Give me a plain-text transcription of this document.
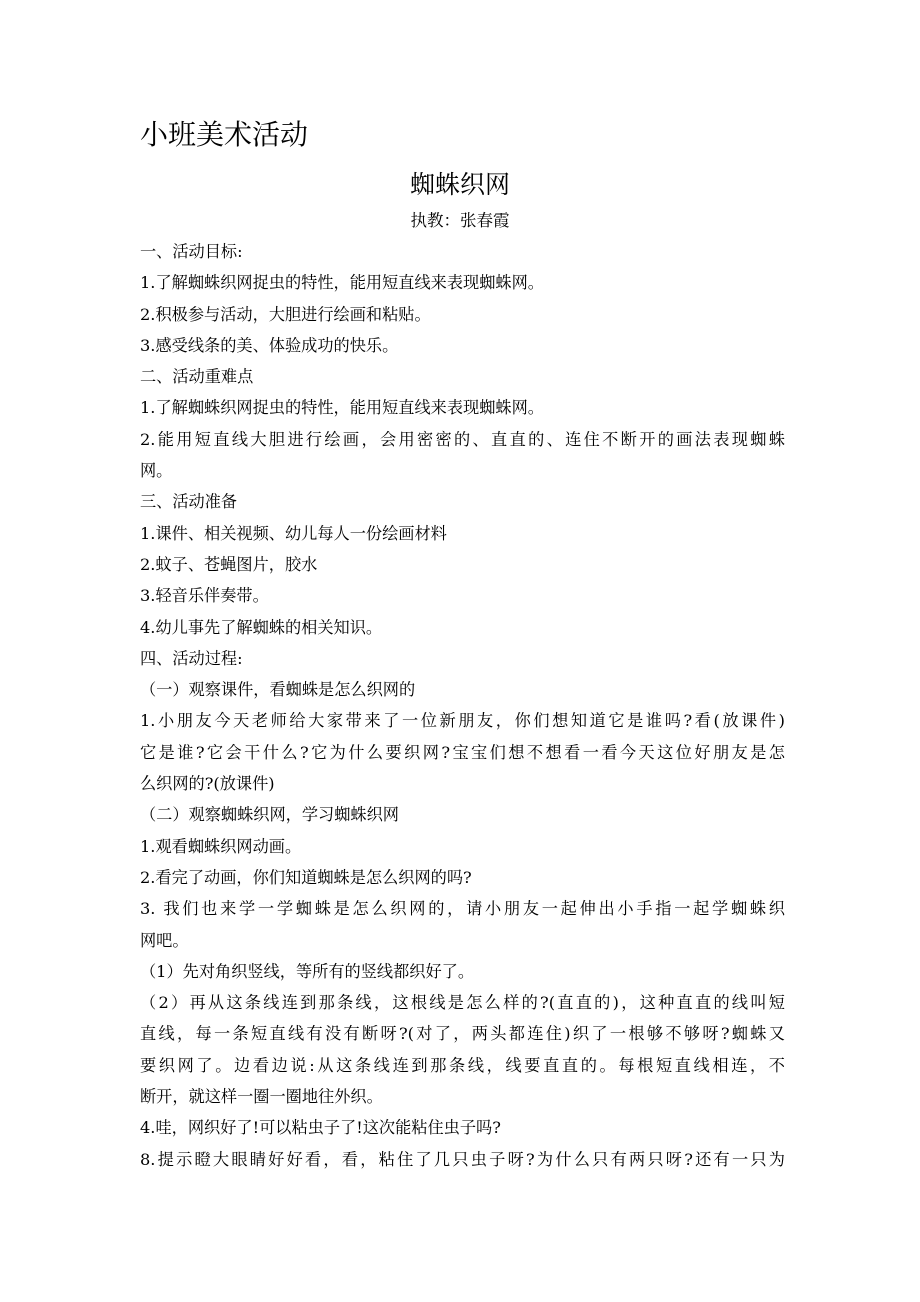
小班美术活动
蜘蛛织网
执教：张春霞
一、活动目标:
1.了解蜘蛛织网捉虫的特性，能用短直线来表现蜘蛛网。
2.积极参与活动，大胆进行绘画和粘贴。
3.感受线条的美、体验成功的快乐。
二、活动重难点
1.了解蜘蛛织网捉虫的特性，能用短直线来表现蜘蛛网。
2.能用短直线大胆进行绘画，会用密密的、直直的、连住不断开的画法表现蜘蛛
网。
三、活动准备
1.课件、相关视频、幼儿每人一份绘画材料
2.蚊子、苍蝇图片，胶水
3.轻音乐伴奏带。
4.幼儿事先了解蜘蛛的相关知识。
四、活动过程:
（一）观察课件，看蜘蛛是怎么织网的
1.小朋友今天老师给大家带来了一位新朋友，你们想知道它是谁吗?看(放课件)
它是谁?它会干什么?它为什么要织网?宝宝们想不想看一看今天这位好朋友是怎
么织网的?(放课件)
（二）观察蜘蛛织网，学习蜘蛛织网
1.观看蜘蛛织网动画。
2.看完了动画，你们知道蜘蛛是怎么织网的吗?
3. 我们也来学一学蜘蛛是怎么织网的，请小朋友一起伸出小手指一起学蜘蛛织
网吧。
（1）先对角织竖线，等所有的竖线都织好了。
（2）再从这条线连到那条线，这根线是怎么样的?(直直的)，这种直直的线叫短
直线，每一条短直线有没有断呀?(对了，两头都连住)织了一根够不够呀?蜘蛛又
要织网了。边看边说:从这条线连到那条线，线要直直的。每根短直线相连，不
断开，就这样一圈一圈地往外织。
4.哇，网织好了!可以粘虫子了!这次能粘住虫子吗?
8.提示瞪大眼睛好好看，看，粘住了几只虫子呀?为什么只有两只呀?还有一只为
